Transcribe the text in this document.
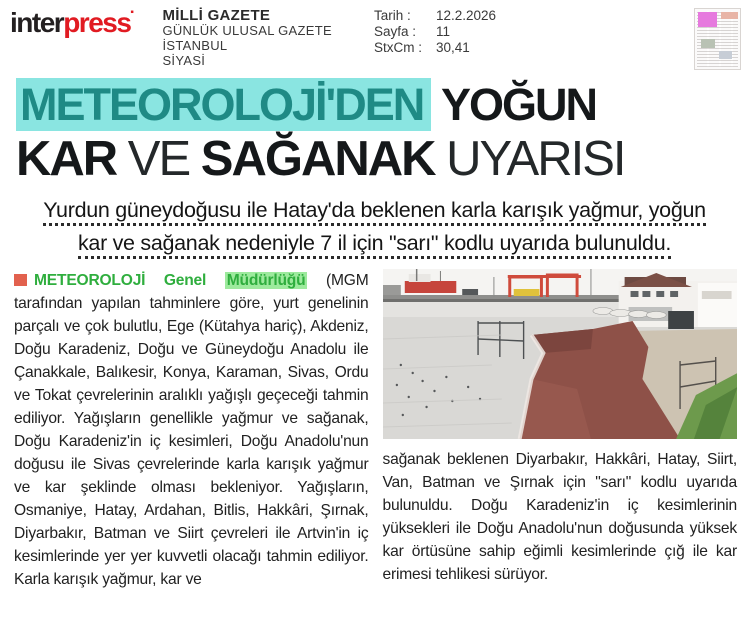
interpress▪ MİLLİ GAZETE
GÜNLÜK ULUSAL GAZETE
İSTANBUL
SİYASİ
Tarih :	12.2.2026
Sayfa :	11
StxCm : 30,41
METEOROLOJİ'DEN YOĞUN
KAR VE SAĞANAK UYARISI
Yurdun güneydoğusu ile Hatay'da beklenen karla karışık yağmur, yoğun
kar ve sağanak nedeniyle 7 il için "sarı" kodlu uyarıda bulunuldu.
METEOROLOJİ Genel Müdürlüğü (MGM tarafından yapılan tahminlere göre, yurt genelinin parçalı ve çok bulutlu, Ege (Kütahya hariç), Akdeniz, Doğu Karadeniz, Doğu ve Güneydoğu Anadolu ile Çanakkale, Balıkesir, Konya, Karaman, Sivas, Ordu ve Tokat çevrelerinin aralıklı yağışlı geçeceği tahmin ediliyor. Yağışların genellikle yağmur ve sağanak, Doğu Karadeniz'in iç kesimleri, Doğu Anadolu'nun doğusu ile Sivas çevrelerinde karla karışık yağmur ve kar şeklinde olması bekleniyor. Yağışların, Osmaniye, Hatay, Ardahan, Bitlis, Hakkâri, Şırnak, Diyarbakır, Batman ve Siirt çevreleri ile Artvin'in iç kesimlerinde yer yer kuvvetli olacağı tahmin ediliyor. Karla karışık yağmur, kar ve
sağanak beklenen Diyarbakır, Hakkâri, Hatay, Siirt, Van, Batman ve Şırnak için "sarı" kodlu uyarıda bulunuldu. Doğu Karadeniz'in iç kesimlerinin yüksekleri ile Doğu Anadolu'nun doğusunda yüksek kar örtüsüne sahip eğimli kesimlerinde çığ ile kar erimesi tehlikesi sürüyor.
